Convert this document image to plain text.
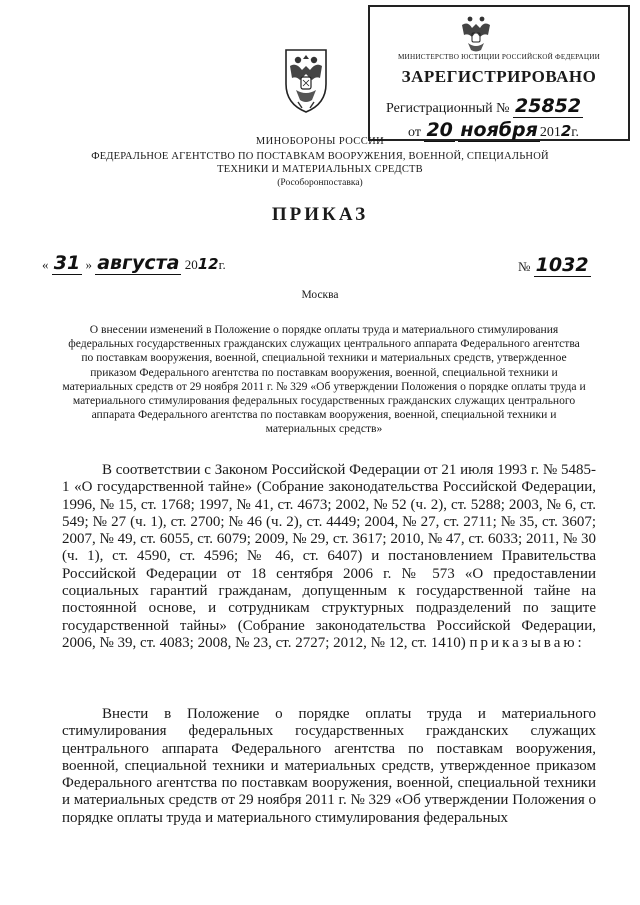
МИНИСТЕРСТВО ЮСТИЦИИ РОССИЙСКОЙ ФЕДЕРАЦИИ
ЗАРЕГИСТРИРОВАНО
Регистрационный № 25852
от 20 ноября 2012г.
МИНОБОРОНЫ РОССИИ
ФЕДЕРАЛЬНОЕ АГЕНТСТВО ПО ПОСТАВКАМ ВООРУЖЕНИЯ, ВОЕННОЙ, СПЕЦИАЛЬНОЙ
ТЕХНИКИ И МАТЕРИАЛЬНЫХ СРЕДСТВ
(Рособоронпоставка)
ПРИКАЗ
« 31 » августа 2012г.	№ 1032
Москва
О внесении изменений в Положение о порядке оплаты труда и материального стимулирования федеральных государственных гражданских служащих центрального аппарата Федерального агентства по поставкам вооружения, военной, специальной техники и материальных средств, утвержденное приказом Федерального агентства по поставкам вооружения, военной, специальной техники и материальных средств от 29 ноября 2011 г. № 329 «Об утверждении Положения о порядке оплаты труда и материального стимулирования федеральных государственных гражданских служащих центрального аппарата Федерального агентства по поставкам вооружения, военной, специальной техники и материальных средств»
В соответствии с Законом Российской Федерации от 21 июля 1993 г. № 5485-1 «О государственной тайне» (Собрание законодательства Российской Федерации, 1996, № 15, ст. 1768; 1997, № 41, ст. 4673; 2002, № 52 (ч. 2), ст. 5288; 2003, № 6, ст. 549; № 27 (ч. 1), ст. 2700; № 46 (ч. 2), ст. 4449; 2004, № 27, ст. 2711; № 35, ст. 3607; 2007, № 49, ст. 6055, ст. 6079; 2009, № 29, ст. 3617; 2010, № 47, ст. 6033; 2011, № 30 (ч. 1), ст. 4590, ст. 4596; № 46, ст. 6407) и постановлением Правительства Российской Федерации от 18 сентября 2006 г. № 573 «О предоставлении социальных гарантий гражданам, допущенным к государственной тайне на постоянной основе, и сотрудникам структурных подразделений по защите государственной тайны» (Собрание законодательства Российской Федерации, 2006, № 39, ст. 4083; 2008, № 23, ст. 2727; 2012, № 12, ст. 1410) приказываю:
Внести в Положение о порядке оплаты труда и материального стимулирования федеральных государственных гражданских служащих центрального аппарата Федерального агентства по поставкам вооружения, военной, специальной техники и материальных средств, утвержденное приказом Федерального агентства по поставкам вооружения, военной, специальной техники и материальных средств от 29 ноября 2011 г. № 329 «Об утверждении Положения о порядке оплаты труда и материального стимулирования федеральных
